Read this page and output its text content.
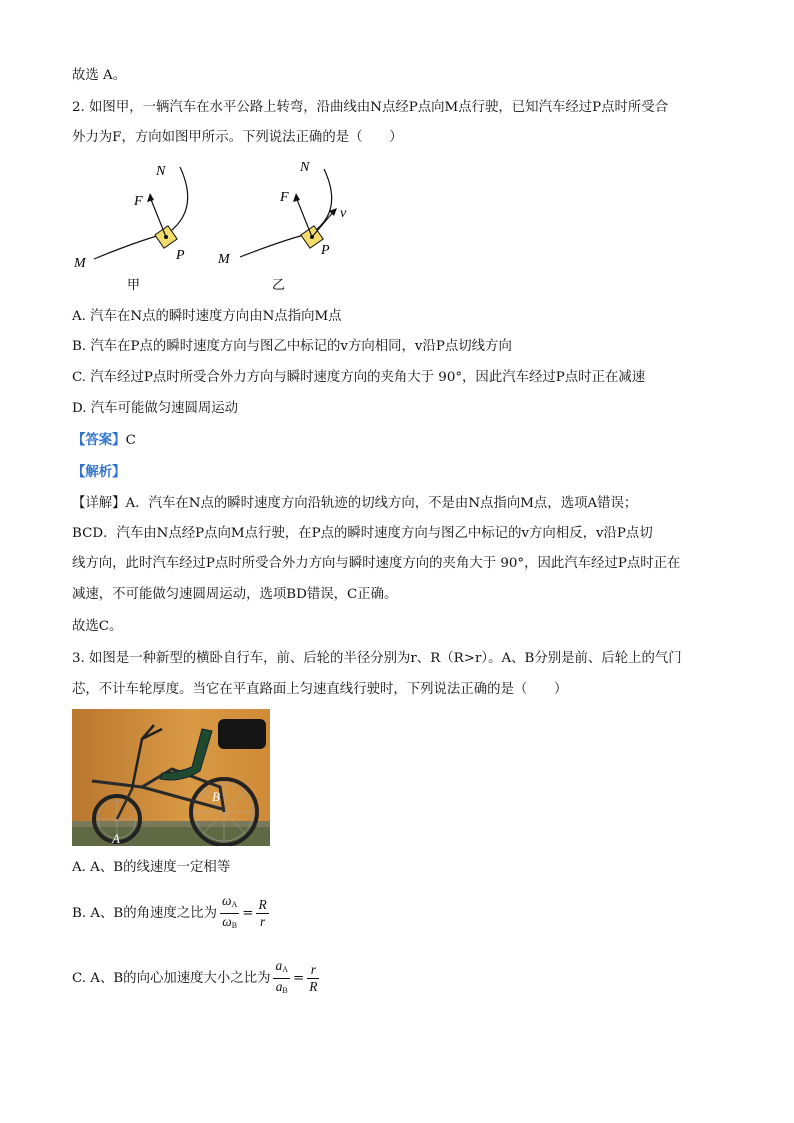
故选 A。
2. 如图甲，一辆汽车在水平公路上转弯，沿曲线由N点经P点向M点行驶，已知汽车经过P点时所受合
外力为F，方向如图甲所示。下列说法正确的是（　　）
N
F
P
M
甲
N
F
v
P
M
乙
A. 汽车在N点的瞬时速度方向由N点指向M点
B. 汽车在P点的瞬时速度方向与图乙中标记的v方向相同，v沿P点切线方向
C. 汽车经过P点时所受合外力方向与瞬时速度方向的夹角大于 90°，因此汽车经过P点时正在减速
D. 汽车可能做匀速圆周运动
【答案】C
【解析】
【详解】A．汽车在N点的瞬时速度方向沿轨迹的切线方向，不是由N点指向M点，选项A错误；
BCD．汽车由N点经P点向M点行驶，在P点的瞬时速度方向与图乙中标记的v方向相反，v沿P点切
线方向，此时汽车经过P点时所受合外力方向与瞬时速度方向的夹角大于 90°，因此汽车经过P点时正在
减速，不可能做匀速圆周运动，选项BD错误，C正确。
故选C。
3. 如图是一种新型的横卧自行车，前、后轮的半径分别为r、R（R>r）。A、B分别是前、后轮上的气门
芯，不计车轮厚度。当它在平直路面上匀速直线行驶时，下列说法正确的是（　　）
A
B
A. A、B的线速度一定相等
B. A、B的角速度之比为 $\frac{\omega_A}{\omega_B} = \frac{R}{r}$
C. A、B的向心加速度大小之比为 $\frac{a_A}{a_B} = \frac{r}{R}$
